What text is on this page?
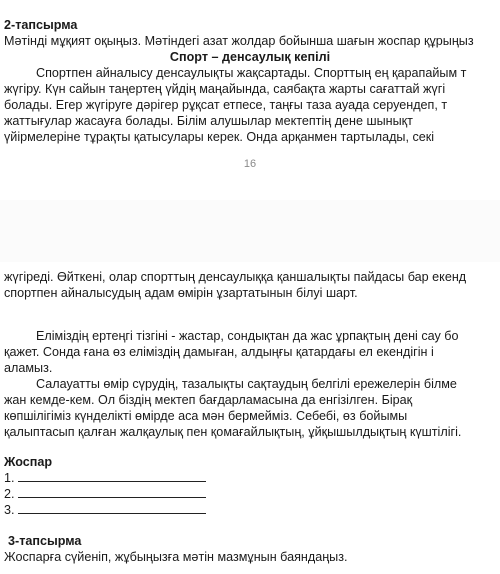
2-тапсырма
Мәтінді мұқият оқыңыз. Мәтіндегі азат жолдар бойынша шағын жоспар құрыңыз
Спорт – денсаулық кепілі
Спортпен айналысу денсаулықты жақсартады. Спорттың ең қарапайым т
жүгіру. Күн сайын таңертең үйдің маңайында, саябақта жарты сағаттай жүгі
болады. Егер жүгіруге дәрігер рұқсат етпесе, таңғы таза ауада серуендеп, т
жаттығулар жасауға болады. Білім алушылар мектептің дене шынықт
үйірмелеріне тұрақты қатысулары керек. Онда арқанмен тартылады, секі
16
жүгіреді. Өйткені, олар спорттың денсаулыққа қаншалықты пайдасы бар екенд
спортпен айналысудың адам өмірін ұзартатынын білуі шарт.
Еліміздің ертеңгі тізгіні - жастар, сондықтан да жас ұрпақтың дені сау бо
қажет. Сонда ғана өз еліміздің дамыған, алдыңғы қатардағы ел екендігін і
аламыз.
Салауатты өмір сүрудің, тазалықты сақтаудың белгілі ережелерін білме
жан кемде-кем. Ол біздің мектеп бағдарламасына да енгізілген. Бірақ
көпшілігіміз күнделікті өмірде аса мән бермейміз. Себебі, өз бойымы
қалыптасып қалған жалқаулық пен қомағайлықтың, ұйқышылдықтың күштілігі.
Жоспар
1.
2.
3.
3-тапсырма
Жоспарға сүйеніп, жұбыңызға мәтін мазмұнын баяндаңыз.
